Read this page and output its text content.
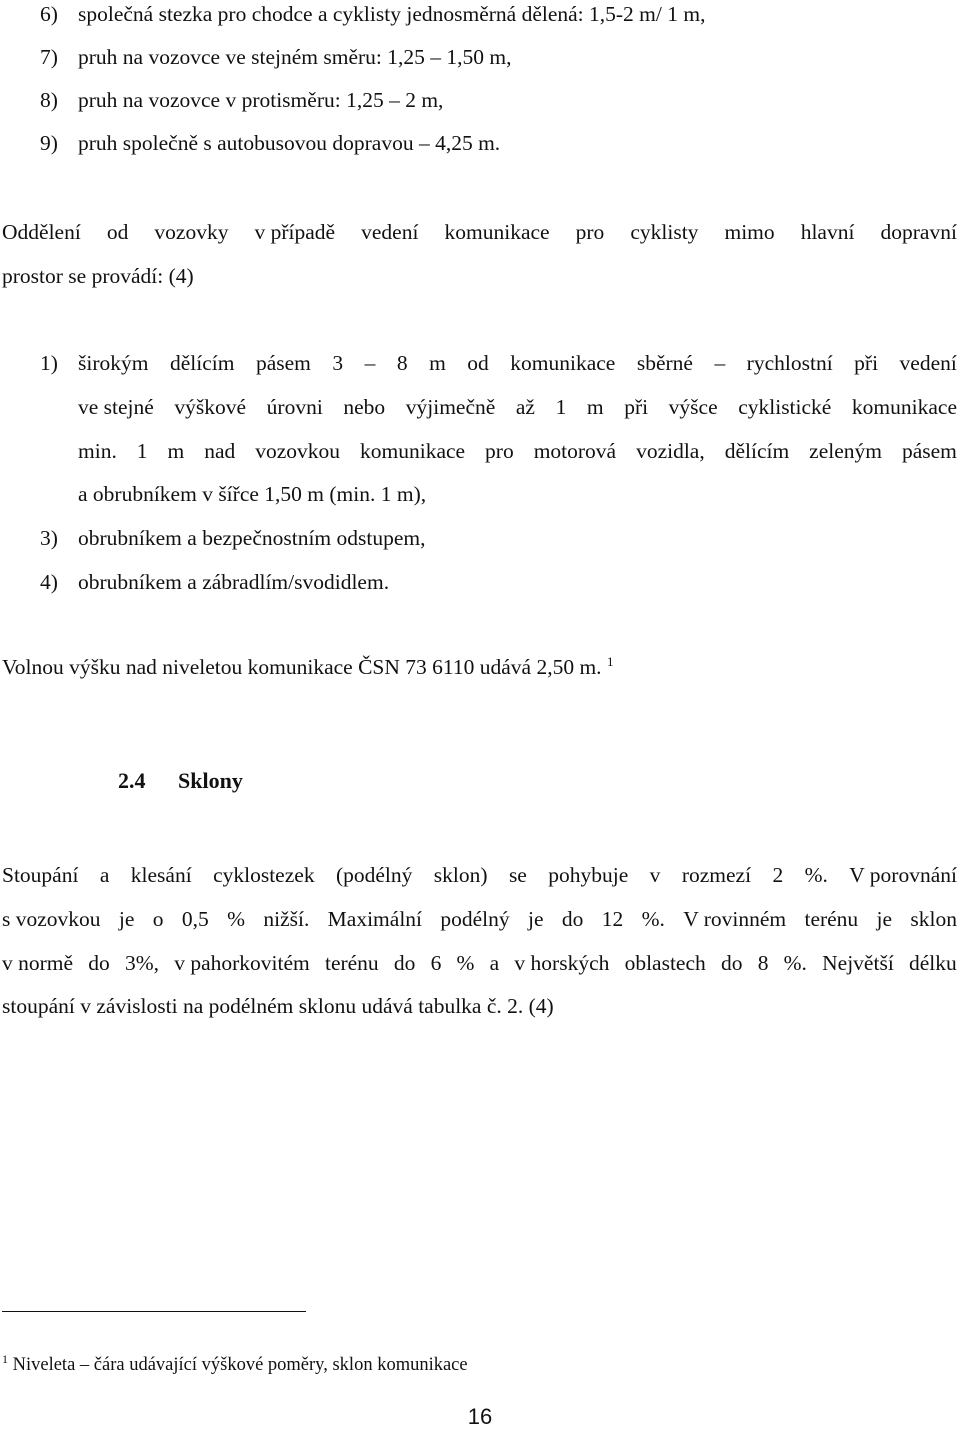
6) společná stezka pro chodce a cyklisty jednosměrná dělená: 1,5-2 m/ 1 m,
7) pruh na vozovce ve stejném směru: 1,25 – 1,50 m,
8) pruh na vozovce v protisměru: 1,25 – 2 m,
9) pruh společně s autobusovou dopravou – 4,25 m.
Oddělení od vozovky v případě vedení komunikace pro cyklisty mimo hlavní dopravní
prostor se provádí: (4)
1) širokým dělícím pásem 3 – 8 m od komunikace sběrné – rychlostní při vedení
ve stejné výškové úrovni nebo výjimečně až 1 m při výšce cyklistické komunikace
min. 1 m nad vozovkou komunikace pro motorová vozidla, dělícím zeleným pásem
a obrubníkem v šířce 1,50 m (min. 1 m),
3) obrubníkem a bezpečnostním odstupem,
4) obrubníkem a zábradlím/svodidlem.
Volnou výšku nad niveletou komunikace ČSN 73 6110 udává 2,50 m. $^1$
2.4 Sklony
Stoupání a klesání cyklostezek (podélný sklon) se pohybuje v rozmezí 2 %. V porovnání
s vozovkou je o 0,5 % nižší. Maximální podélný je do 12 %. V rovinném terénu je sklon
v normě do 3%, v pahorkovitém terénu do 6 % a v horských oblastech do 8 %. Největší délku
stoupání v závislosti na podélném sklonu udává tabulka č. 2. (4)
$^1$ Niveleta – čára udávající výškové poměry, sklon komunikace
16
